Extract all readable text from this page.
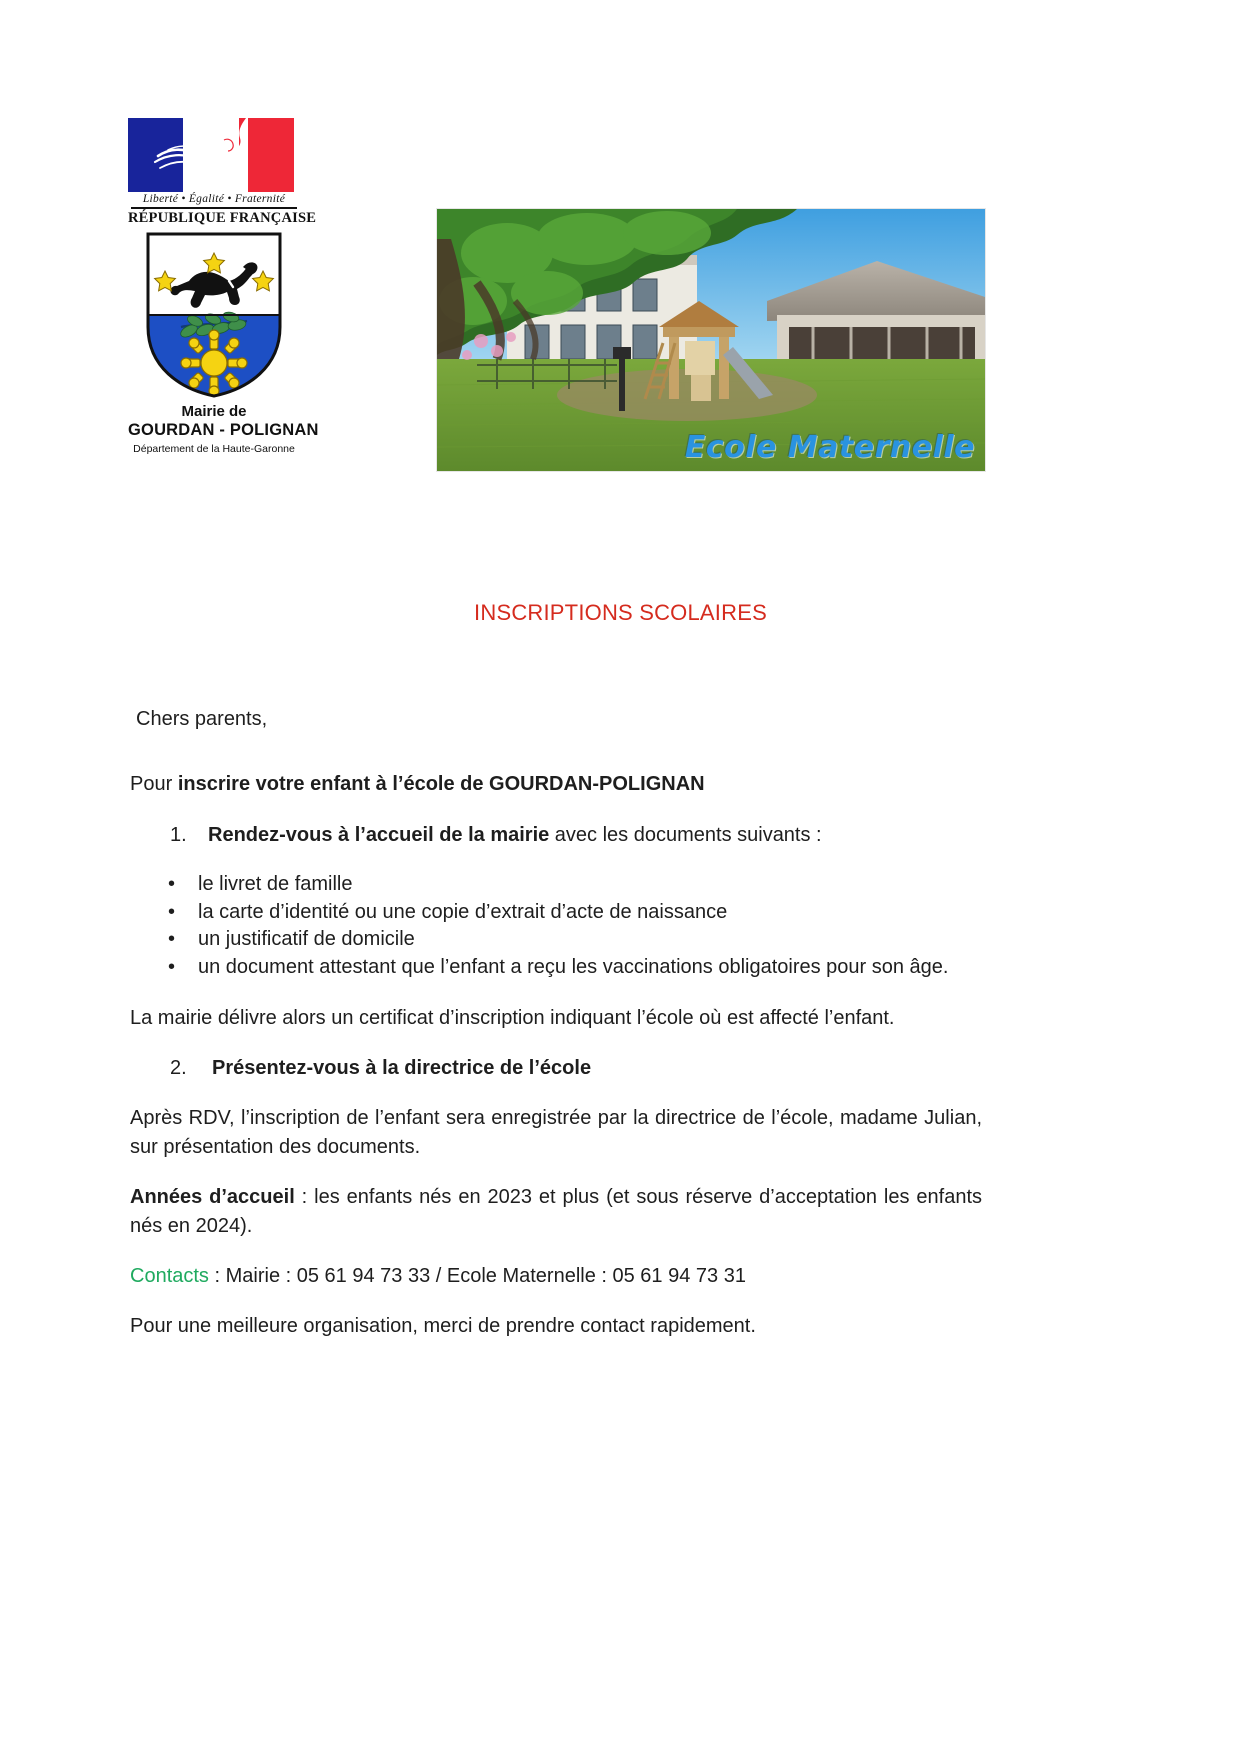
Liberté • Égalité • Fraternité
RÉPUBLIQUE FRANÇAISE
Mairie de
GOURDAN - POLIGNAN
Département de la Haute-Garonne	Ecole Maternelle
INSCRIPTIONS SCOLAIRES

Chers parents,

Pour inscrire votre enfant à l’école de GOURDAN-POLIGNAN

1.	Rendez-vous à l’accueil de la mairie avec les documents suivants :
• le livret de famille
• la carte d’identité ou une copie d’extrait d’acte de naissance
• un justificatif de domicile
• un document attestant que l’enfant a reçu les vaccinations obligatoires pour son âge.

La mairie délivre alors un certificat d’inscription indiquant l’école où est affecté l’enfant.

2.	Présentez-vous à la directrice de l’école

Après RDV, l’inscription de l’enfant sera enregistrée par la directrice de l’école, madame Julian, sur présentation des documents.

Années d’accueil : les enfants nés en 2023 et plus (et sous réserve d’acceptation les enfants nés en 2024).

Contacts : Mairie : 05 61 94 73 33 / Ecole Maternelle : 05 61 94 73 31

Pour une meilleure organisation, merci de prendre contact rapidement.
